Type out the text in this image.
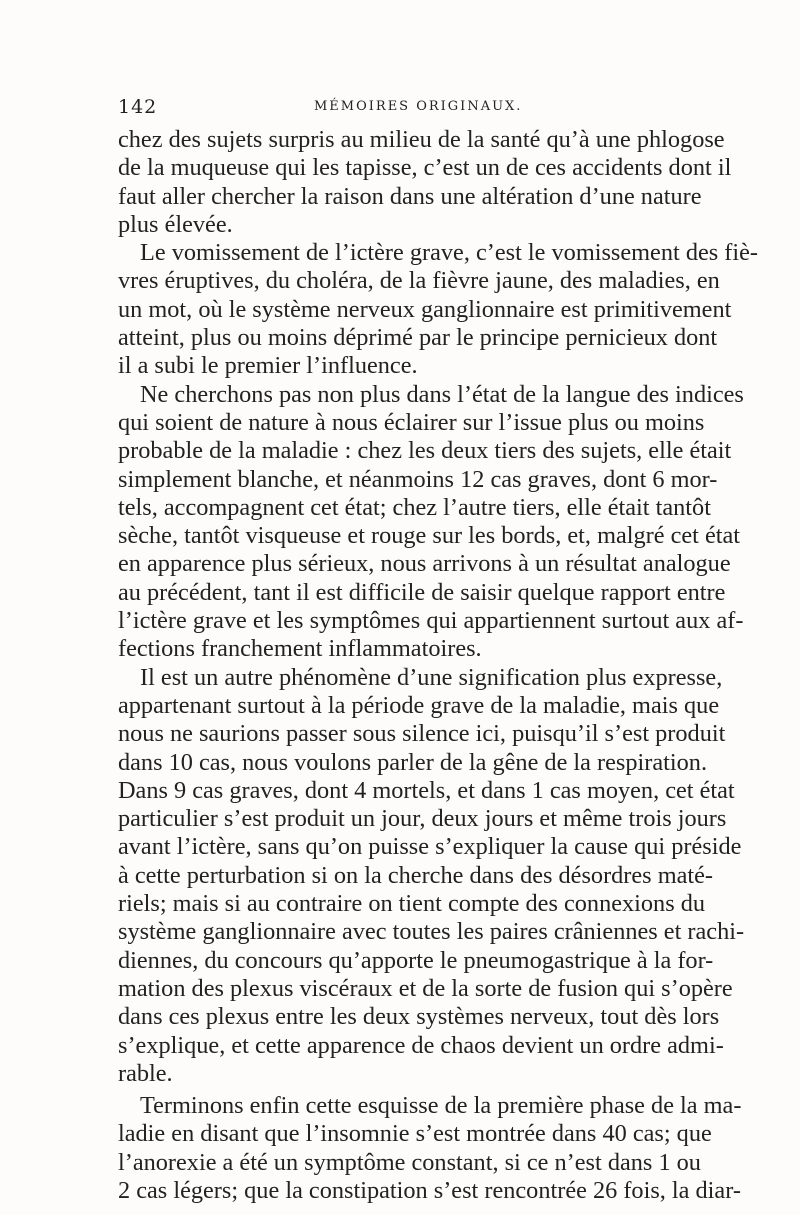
142	MÉMOIRES ORIGINAUX.
chez des sujets surpris au milieu de la santé qu’à une phlogose
de la muqueuse qui les tapisse, c’est un de ces accidents dont il
faut aller chercher la raison dans une altération d’une nature
plus élevée.
Le vomissement de l’ictère grave, c’est le vomissement des fiè-
vres éruptives, du choléra, de la fièvre jaune, des maladies, en
un mot, où le système nerveux ganglionnaire est primitivement
atteint, plus ou moins déprimé par le principe pernicieux dont
il a subi le premier l’influence.
Ne cherchons pas non plus dans l’état de la langue des indices
qui soient de nature à nous éclairer sur l’issue plus ou moins
probable de la maladie : chez les deux tiers des sujets, elle était
simplement blanche, et néanmoins 12 cas graves, dont 6 mor-
tels, accompagnent cet état; chez l’autre tiers, elle était tantôt
sèche, tantôt visqueuse et rouge sur les bords, et, malgré cet état
en apparence plus sérieux, nous arrivons à un résultat analogue
au précédent, tant il est difficile de saisir quelque rapport entre
l’ictère grave et les symptômes qui appartiennent surtout aux af-
fections franchement inflammatoires.
Il est un autre phénomène d’une signification plus expresse,
appartenant surtout à la période grave de la maladie, mais que
nous ne saurions passer sous silence ici, puisqu’il s’est produit
dans 10 cas, nous voulons parler de la gêne de la respiration.
Dans 9 cas graves, dont 4 mortels, et dans 1 cas moyen, cet état
particulier s’est produit un jour, deux jours et même trois jours
avant l’ictère, sans qu’on puisse s’expliquer la cause qui préside
à cette perturbation si on la cherche dans des désordres maté-
riels; mais si au contraire on tient compte des connexions du
système ganglionnaire avec toutes les paires crâniennes et rachi-
diennes, du concours qu’apporte le pneumogastrique à la for-
mation des plexus viscéraux et de la sorte de fusion qui s’opère
dans ces plexus entre les deux systèmes nerveux, tout dès lors
s’explique, et cette apparence de chaos devient un ordre admi-
rable.
Terminons enfin cette esquisse de la première phase de la ma-
ladie en disant que l’insomnie s’est montrée dans 40 cas; que
l’anorexie a été un symptôme constant, si ce n’est dans 1 ou
2 cas légers; que la constipation s’est rencontrée 26 fois, la diar-
